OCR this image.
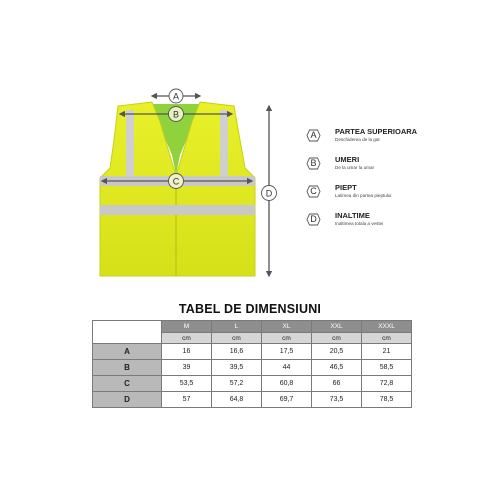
A
B
C
D
A	PARTEA SUPERIOARA
Deschiderea de la gat
B	UMERI
De la umar la umar
C	PIEPT
Latimea din partea pieptului
D	INALTIME
Inaltimea totala a vestei
TABEL DE DIMENSIUNI
	M	L	XL	XXL	XXXL
	cm	cm	cm	cm	cm
A	16	16,6	17,5	20,5	21
B	39	39,5	44	46,5	58,5
C	53,5	57,2	60,8	66	72,8
D	57	64,8	69,7	73,5	78,5
